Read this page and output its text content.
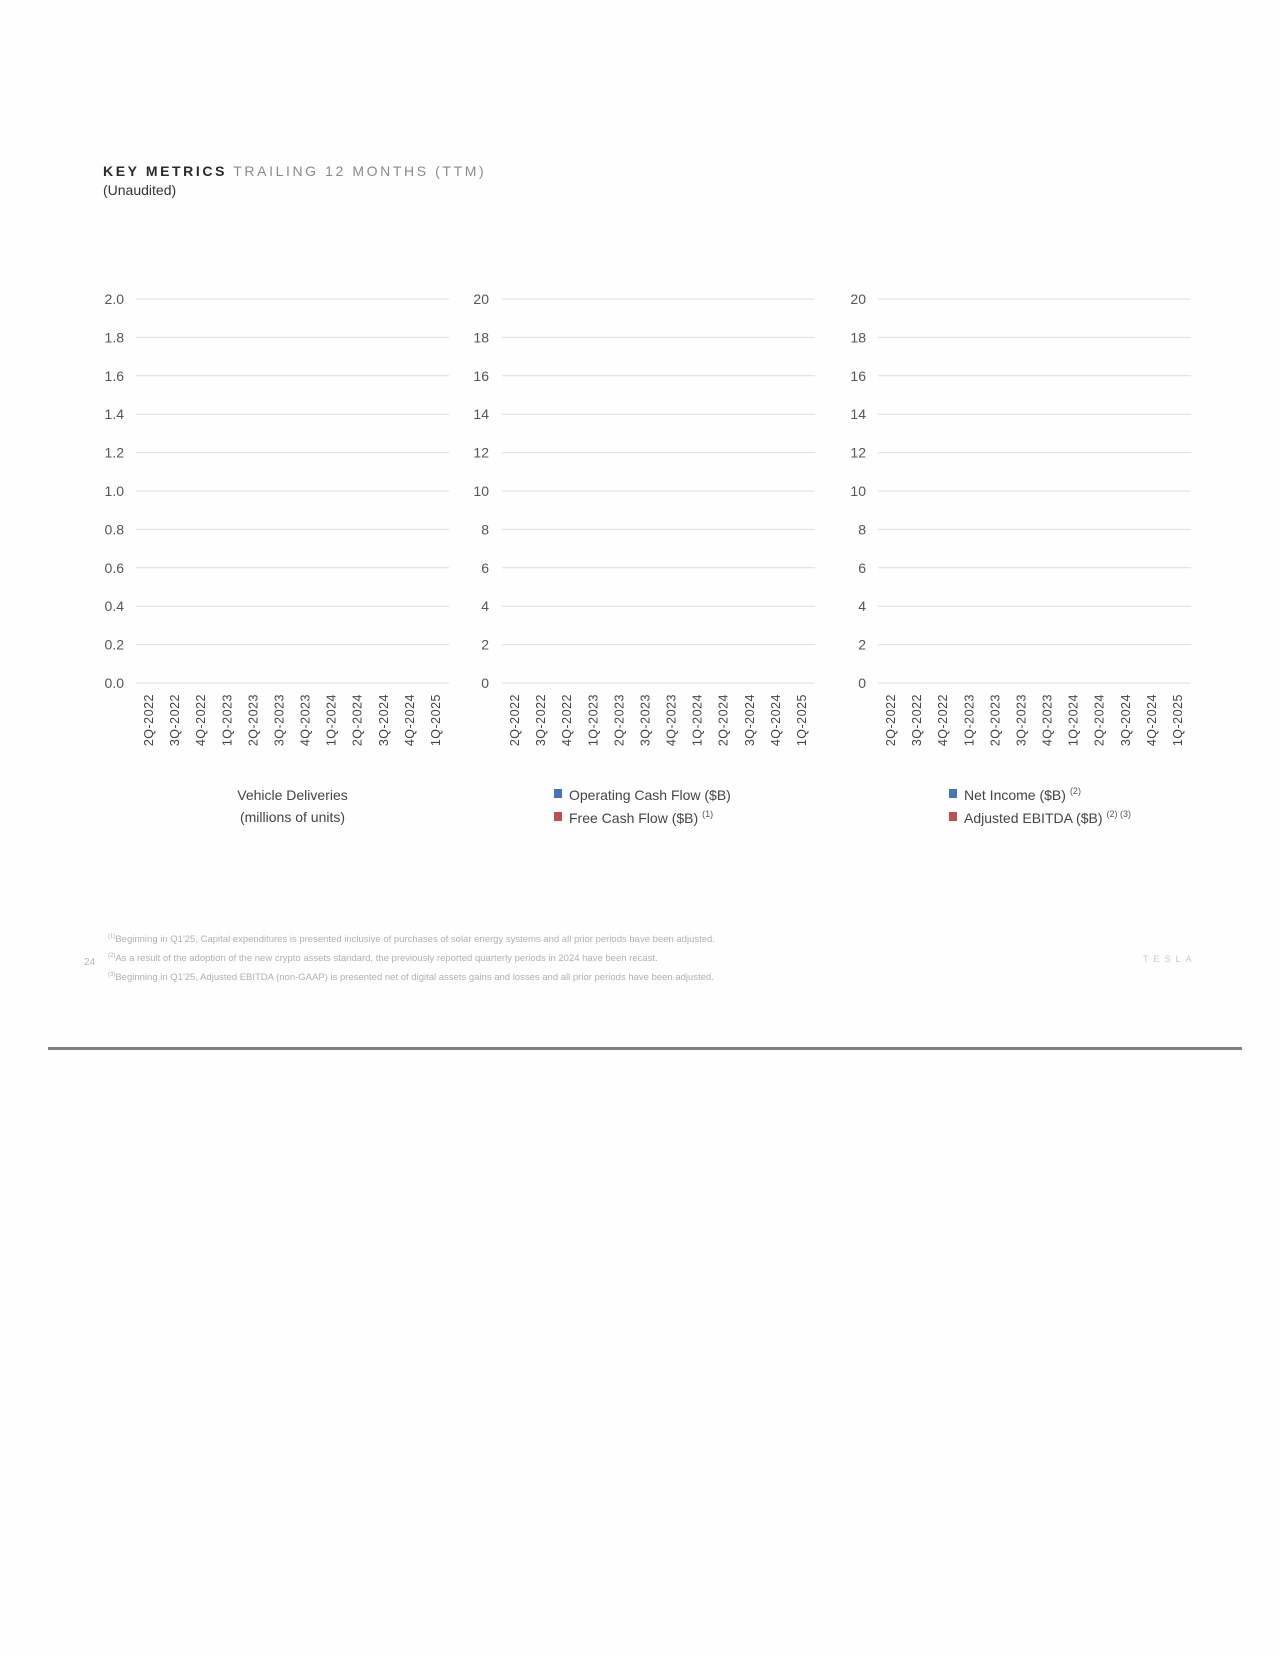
KEY METRICS TRAILING 12 MONTHS (TTM)
(Unaudited)
0.0
0.2
0.4
0.6
0.8
1.0
1.2
1.4
1.6
1.8
2.0
2Q-2022 3Q-2022 4Q-2022 1Q-2023 2Q-2023 3Q-2023 4Q-2023 1Q-2024 2Q-2024 3Q-2024 4Q-2024 1Q-2025
Vehicle Deliveries
(millions of units)
0
2
4
6
8
10
12
14
16
18
20
2Q-2022 3Q-2022 4Q-2022 1Q-2023 2Q-2023 3Q-2023 4Q-2023 1Q-2024 2Q-2024 3Q-2024 4Q-2024 1Q-2025
Operating Cash Flow ($B)
Free Cash Flow ($B) (1)
0
2
4
6
8
10
12
14
16
18
20
2Q-2022 3Q-2022 4Q-2022 1Q-2023 2Q-2023 3Q-2023 4Q-2023 1Q-2024 2Q-2024 3Q-2024 4Q-2024 1Q-2025
Net Income ($B) (2)
Adjusted EBITDA ($B) (2) (3)
$^{(1)}$Beginning in Q1'25, Capital expenditures is presented inclusive of purchases of solar energy systems and all prior periods have been adjusted.
$^{(2)}$As a result of the adoption of the new crypto assets standard, the previously reported quarterly periods in 2024 have been recast.
$^{(3)}$Beginning in Q1'25, Adjusted EBITDA (non-GAAP) is presented net of digital assets gains and losses and all prior periods have been adjusted.
24	TESLA
